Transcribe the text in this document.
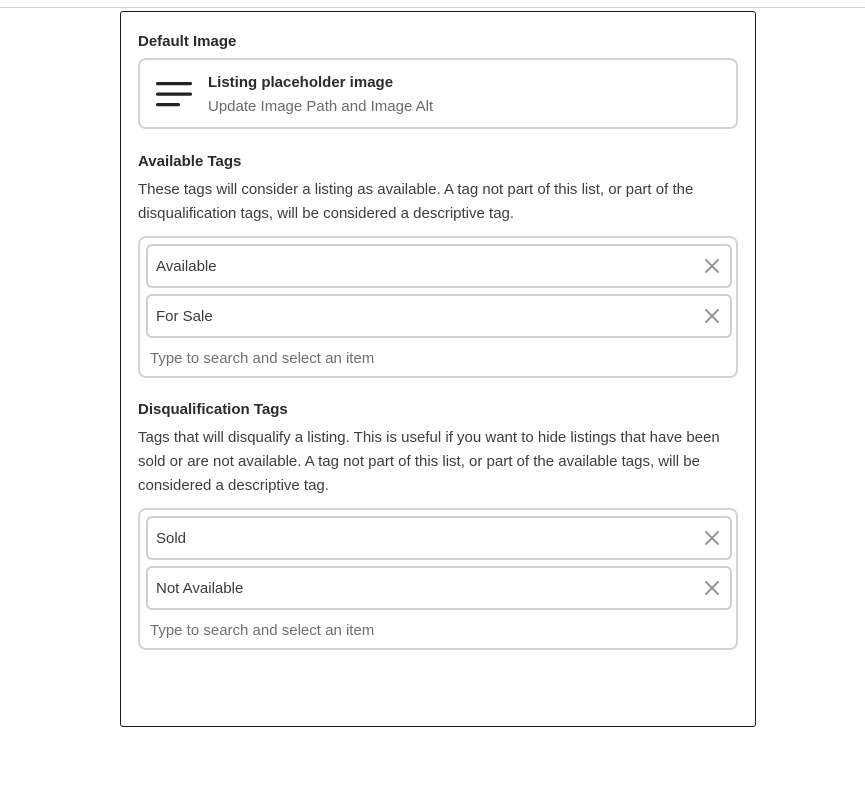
Default Image
Listing placeholder image
Update Image Path and Image Alt
Available Tags

These tags will consider a listing as available. A tag not part of this list, or part of the disqualification tags, will be considered a descriptive tag.

Available
For Sale
Type to search and select an item
Disqualification Tags

Tags that will disqualify a listing. This is useful if you want to hide listings that have been sold or are not available. A tag not part of this list, or part of the available tags, will be considered a descriptive tag.

Sold
Not Available
Type to search and select an item
